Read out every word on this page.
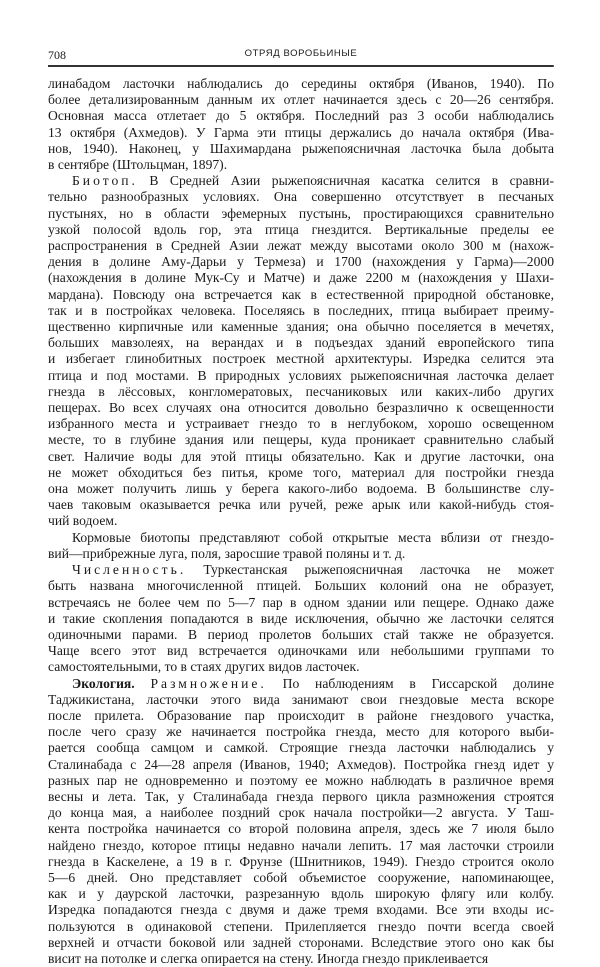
708	ОТРЯД ВОРОБЬИНЫЕ
линабадом ласточки наблюдались до середины октября (Иванов, 1940). По
более детализированным данным их отлет начинается здесь с 20—26 сентября.
Основная масса отлетает до 5 октября. Последний раз 3 особи наблюдались
13 октября (Ахмедов). У Гарма эти птицы держались до начала октября (Ива-
нов, 1940). Наконец, у Шахимардана рыжепоясничная ласточка была добыта
в сентябре (Штольцман, 1897).
Биотоп. В Средней Азии рыжепоясничная касатка селится в сравни-
тельно разнообразных условиях. Она совершенно отсутствует в песчаных
пустынях, но в области эфемерных пустынь, простирающихся сравнительно
узкой полосой вдоль гор, эта птица гнездится. Вертикальные пределы ее
распространения в Средней Азии лежат между высотами около 300 м (нахож-
дения в долине Аму-Дарьи у Термеза) и 1700 (нахождения у Гарма)—2000
(нахождения в долине Мук-Су и Матче) и даже 2200 м (нахождения у Шахи-
мардана). Повсюду она встречается как в естественной природной обстановке,
так и в постройках человека. Поселяясь в последних, птица выбирает преиму-
щественно кирпичные или каменные здания; она обычно поселяется в мечетях,
больших мавзолеях, на верандах и в подъездах зданий европейского типа
и избегает глинобитных построек местной архитектуры. Изредка селится эта
птица и под мостами. В природных условиях рыжепоясничная ласточка делает
гнезда в лёссовых, конгломератовых, песчаниковых или каких-либо других
пещерах. Во всех случаях она относится довольно безразлично к освещенности
избранного места и устраивает гнездо то в неглубоком, хорошо освещенном
месте, то в глубине здания или пещеры, куда проникает сравнительно слабый
свет. Наличие воды для этой птицы обязательно. Как и другие ласточки, она
не может обходиться без питья, кроме того, материал для постройки гнезда
она может получить лишь у берега какого-либо водоема. В большинстве слу-
чаев таковым оказывается речка или ручей, реже арык или какой-нибудь стоя-
чий водоем.
Кормовые биотопы представляют собой открытые места вблизи от гнездо-
вий—прибрежные луга, поля, заросшие травой поляны и т. д.
Численность. Туркестанская рыжепоясничная ласточка не может
быть названа многочисленной птицей. Больших колоний она не образует,
встречаясь не более чем по 5—7 пар в одном здании или пещере. Однако даже
и такие скопления попадаются в виде исключения, обычно же ласточки селятся
одиночными парами. В период пролетов больших стай также не образуется.
Чаще всего этот вид встречается одиночками или небольшими группами то
самостоятельными, то в стаях других видов ласточек.
Экология. Размножение. По наблюдениям в Гиссарской долине
Таджикистана, ласточки этого вида занимают свои гнездовые места вскоре
после прилета. Образование пар происходит в районе гнездового участка,
после чего сразу же начинается постройка гнезда, место для которого выби-
рается сообща самцом и самкой. Строящие гнезда ласточки наблюдались у
Сталинабада с 24—28 апреля (Иванов, 1940; Ахмедов). Постройка гнезд идет у
разных пар не одновременно и поэтому ее можно наблюдать в различное время
весны и лета. Так, у Сталинабада гнезда первого цикла размножения строятся
до конца мая, а наиболее поздний срок начала постройки—2 августа. У Таш-
кента постройка начинается со второй половина апреля, здесь же 7 июля было
найдено гнездо, которое птицы недавно начали лепить. 17 мая ласточки строили
гнезда в Каскелене, а 19 в г. Фрунзе (Шнитников, 1949). Гнездо строится около
5—6 дней. Оно представляет собой объемистое сооружение, напоминающее,
как и у даурской ласточки, разрезанную вдоль широкую флягу или колбу.
Изредка попадаются гнезда с двумя и даже тремя входами. Все эти входы ис-
пользуются в одинаковой степени. Прилепляется гнездо почти всегда своей
верхней и отчасти боковой или задней сторонами. Вследствие этого оно как бы
висит на потолке и слегка опирается на стену. Иногда гнездо приклеивается
